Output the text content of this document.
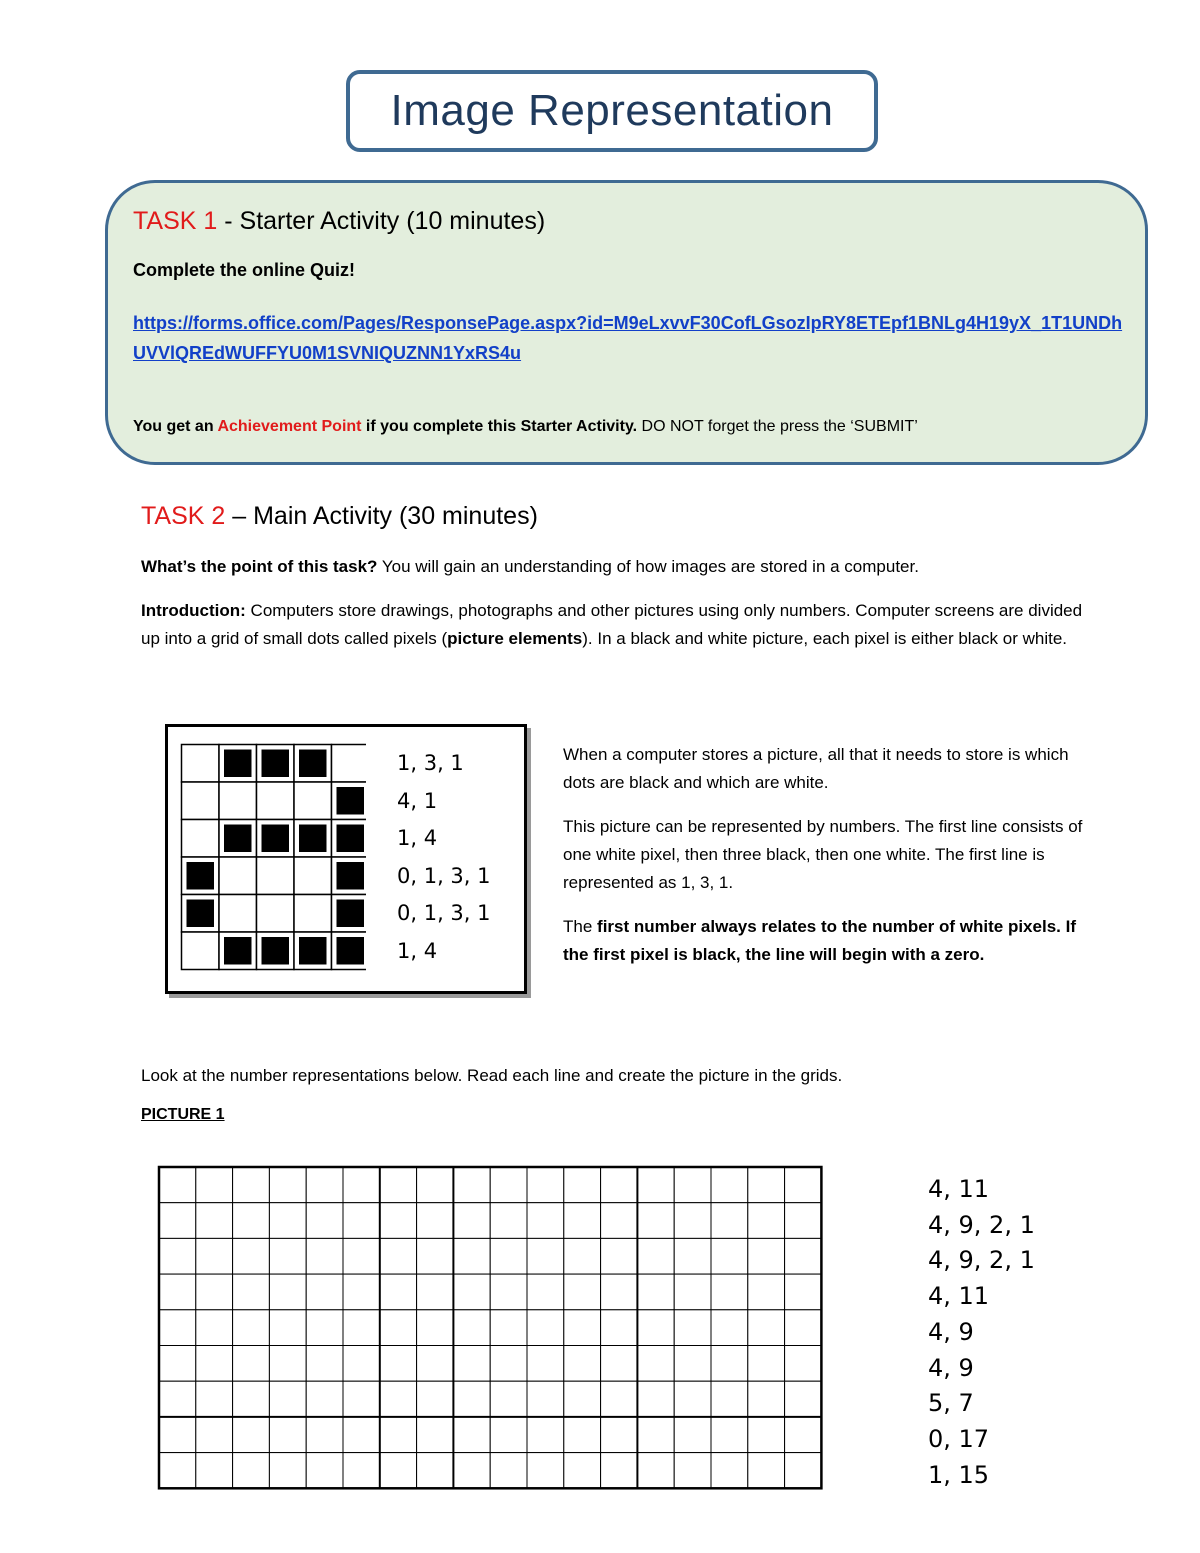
Image Representation
TASK 1 - Starter Activity (10 minutes)
Complete the online Quiz!
https://forms.office.com/Pages/ResponsePage.aspx?id=M9eLxvvF30CofLGsozIpRY8ETEpf1BNLg4H19yX_1T1UNDhUVVlQREdWUFFYU0M1SVNIQUZNN1YxRS4u
You get an Achievement Point if you complete this Starter Activity. DO NOT forget the press the ‘SUBMIT’
TASK 2 – Main Activity (30 minutes)
What’s the point of this task? You will gain an understanding of how images are stored in a computer.
Introduction: Computers store drawings, photographs and other pictures using only numbers. Computer screens are divided up into a grid of small dots called pixels (picture elements). In a black and white picture, each pixel is either black or white.
1, 3, 1
4, 1
1, 4
0, 1, 3, 1
0, 1, 3, 1
1, 4

When a computer stores a picture, all that it needs to store is which dots are black and which are white.

This picture can be represented by numbers. The first line consists of one white pixel, then three black, then one white. The first line is represented as 1, 3, 1.

The first number always relates to the number of white pixels. If the first pixel is black, the line will begin with a zero.

Look at the number representations below. Read each line and create the picture in the grids.
PICTURE 1
4, 11
4, 9, 2, 1
4, 9, 2, 1
4, 11
4, 9
4, 9
5, 7
0, 17
1, 15
